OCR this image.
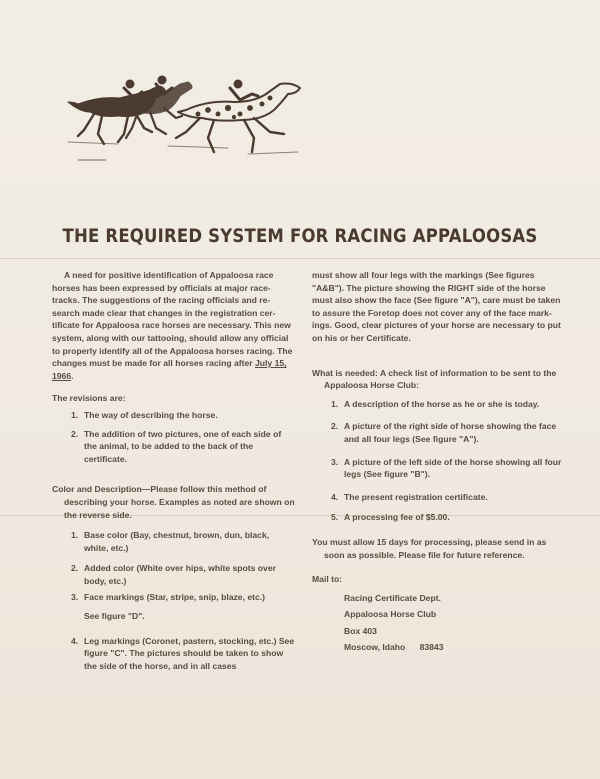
THE REQUIRED SYSTEM FOR RACING APPALOOSAS

A need for positive identification of Appaloosa race horses has been expressed by officials at major race-tracks. The suggestions of the racing officials and re-search made clear that changes in the registration cer-tificate for Appaloosa race horses are necessary. This new system, along with our tattooing, should allow any official to properly identify all of the Appaloosa horses racing. The changes must be made for all horses racing after July 15, 1966.

The revisions are:

1. The way of describing the horse.
2. The addition of two pictures, one of each side of the animal, to be added to the back of the certificate.

Color and Description—Please follow this method of describing your horse. Examples as noted are shown on the reverse side.

1. Base color (Bay, chestnut, brown, dun, black, white, etc.)
2. Added color (White over hips, white spots over body, etc.)
3. Face markings (Star, stripe, snip, blaze, etc.)

See figure "D".
4. Leg markings (Coronet, pastern, stocking, etc.) See figure "C". The pictures should be taken to show the side of the horse, and in all cases

must show all four legs with the markings (See figures "A&B"). The picture showing the RIGHT side of the horse must also show the face (See figure "A"), care must be taken to assure the Foretop does not cover any of the face mark-ings. Good, clear pictures of your horse are necessary to put on his or her Certificate.

What is needed: A check list of information to be sent to the Appaloosa Horse Club:

1. A description of the horse as he or she is today.
2. A picture of the right side of horse showing the face and all four legs (See figure "A").
3. A picture of the left side of the horse showing all four legs (See figure "B").
4. The present registration certificate.
5. A processing fee of $5.00.

You must allow 15 days for processing, please send in as soon as possible. Please file for future reference.

Mail to:

Racing Certificate Dept.

Appaloosa Horse Club

Box 403

Moscow, Idaho      83843
